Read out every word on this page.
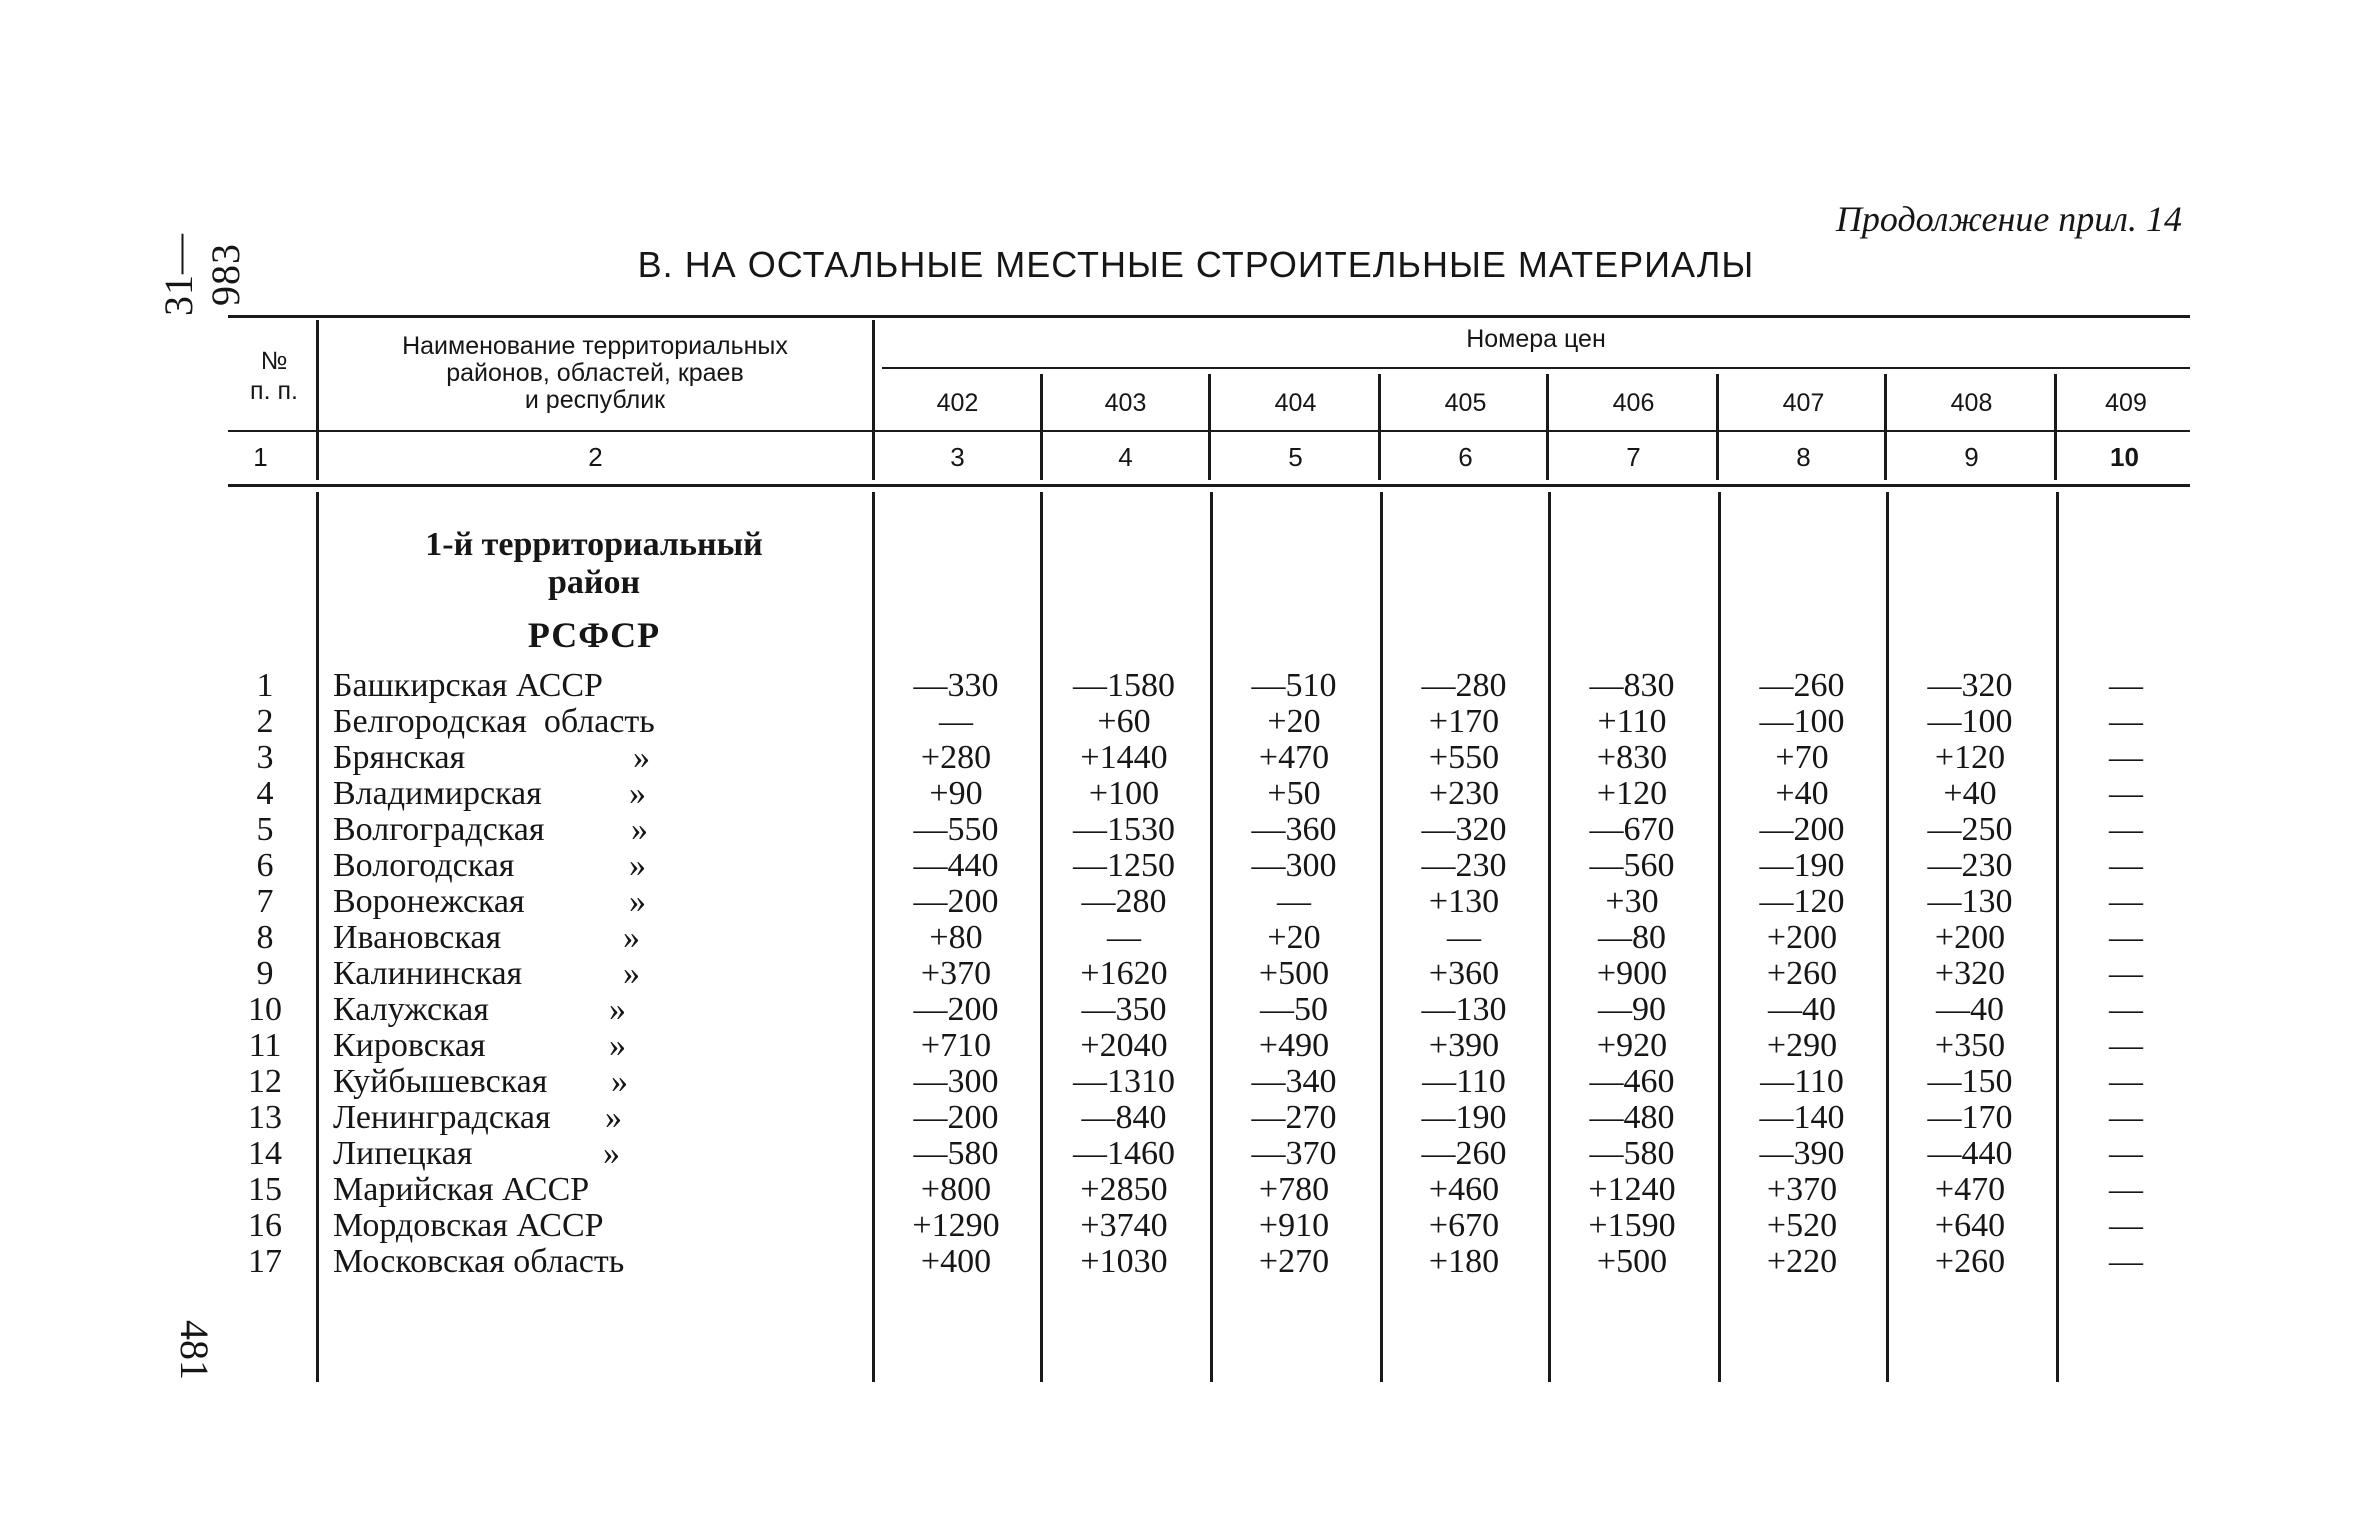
31—983
481
Продолжение прил. 14
В. НА ОСТАЛЬНЫЕ МЕСТНЫЕ СТРОИТЕЛЬНЫЕ МАТЕРИАЛЫ
№
п. п.
Наименование территориальных
районов, областей, краев
и республик
Номера цен
402	403	404	405	406	407	408	409
1	2	3	4	5	6	7	8	9	10
1-й территориальный
район
РСФСР
1	Башкирская АССР	—330	—1580	—510	—280	—830	—260	—320	—
2	Белгородская  область	—	+60	+20	+170	+110	—100	—100	—
3	Брянская	»	+280	+1440	+470	+550	+830	+70	+120	—
4	Владимирская	»	+90	+100	+50	+230	+120	+40	+40	—
5	Волгоградская	»	—550	—1530	—360	—320	—670	—200	—250	—
6	Вологодская	»	—440	—1250	—300	—230	—560	—190	—230	—
7	Воронежская	»	—200	—280	—	+130	+30	—120	—130	—
8	Ивановская	»	+80	—	+20	—	—80	+200	+200	—
9	Калининская	»	+370	+1620	+500	+360	+900	+260	+320	—
10	Калужская	»	—200	—350	—50	—130	—90	—40	—40	—
11	Кировская	»	+710	+2040	+490	+390	+920	+290	+350	—
12	Куйбышевская »	—300	—1310	—340	—110	—460	—110	—150	—
13	Ленинградская »	—200	—840	—270	—190	—480	—140	—170	—
14	Липецкая	»	—580	—1460	—370	—260	—580	—390	—440	—
15	Марийская АССР	+800	+2850	+780	+460	+1240	+370	+470	—
16	Мордовская АССР	+1290	+3740	+910	+670	+1590	+520	+640	—
17	Московская область	+400	+1030	+270	+180	+500	+220	+260	—
